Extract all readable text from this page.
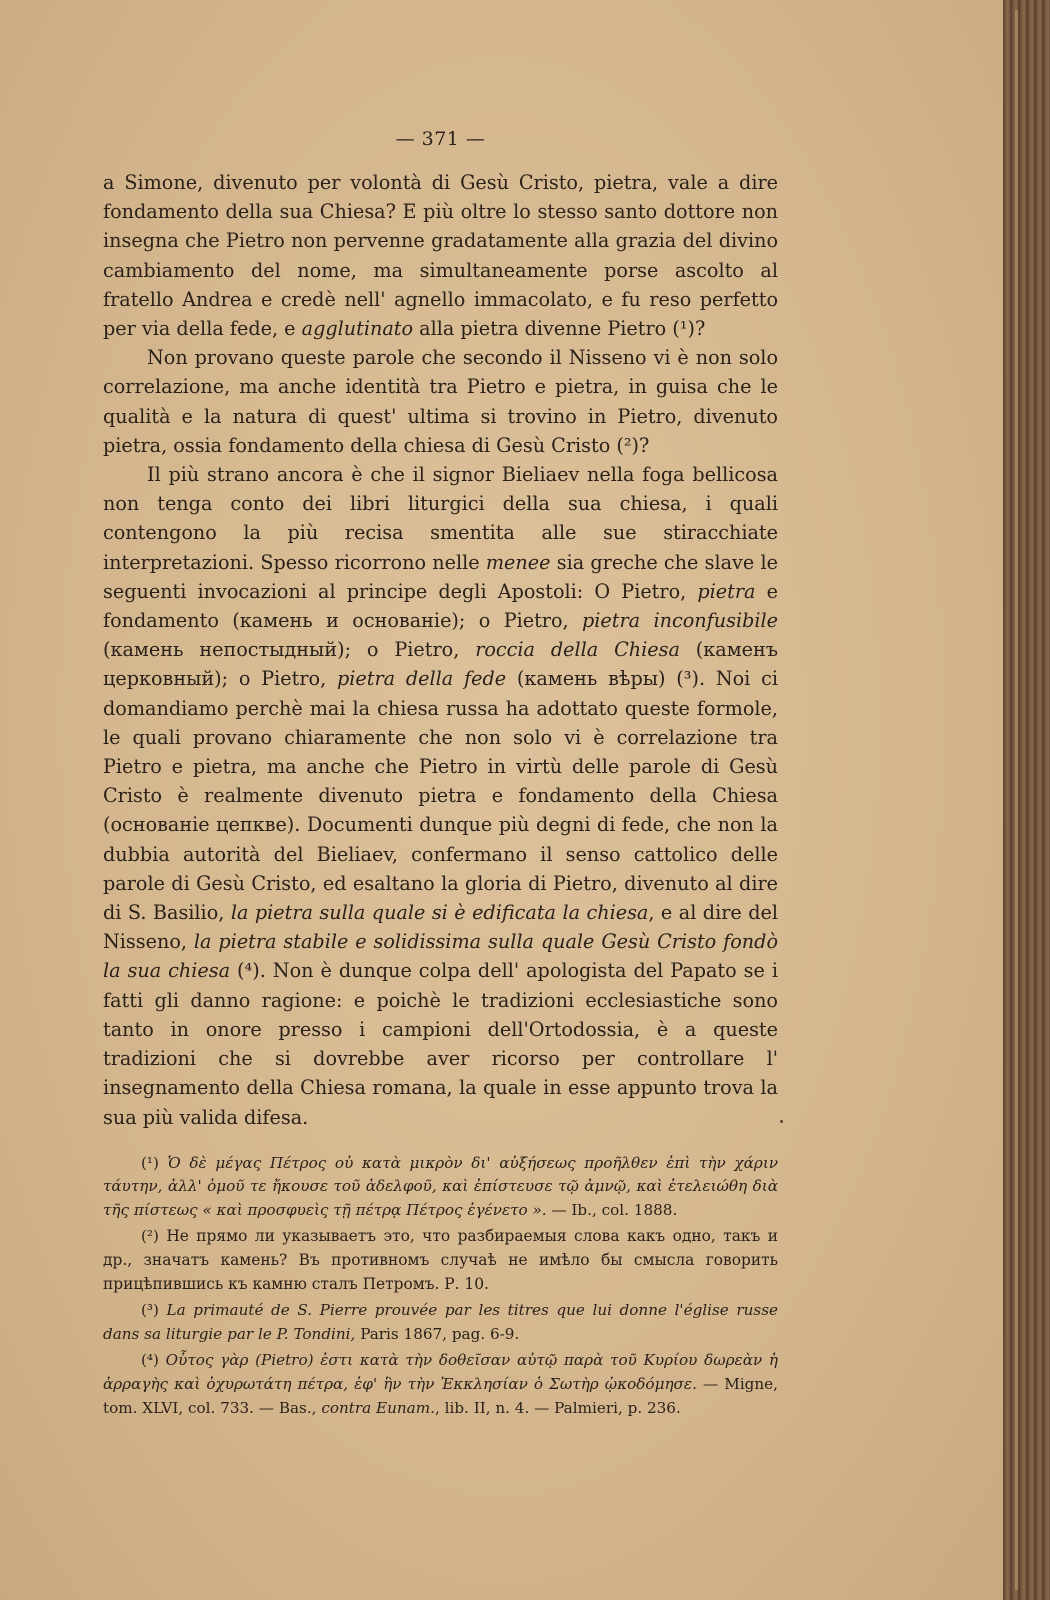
— 371 —

a Simone, divenuto per volontà di Gesù Cristo, pietra, vale a dire fondamento della sua Chiesa? E più oltre lo stesso santo dottore non insegna che Pietro non pervenne gradatamente alla grazia del divino cambiamento del nome, ma simultaneamente porse ascolto al fratello Andrea e credè nell' agnello immacolato, e fu reso perfetto per via della fede, e agglutinato alla pietra divenne Pietro (¹)?

Non provano queste parole che secondo il Nisseno vi è non solo correlazione, ma anche identità tra Pietro e pietra, in guisa che le qualità e la natura di quest' ultima si trovino in Pietro, divenuto pietra, ossia fondamento della chiesa di Gesù Cristo (²)?

Il più strano ancora è che il signor Bieliaev nella foga bellicosa non tenga conto dei libri liturgici della sua chiesa, i quali contengono la più recisa smentita alle sue stiracchiate interpretazioni. Spesso ricorrono nelle menee sia greche che slave le seguenti invocazioni al principe degli Apostoli: O Pietro, pietra e fondamento (камень и основаніе); o Pietro, pietra inconfusibile (камень непостыдный); o Pietro, roccia della Chiesa (каменъ церковный); o Pietro, pietra della fede (камень вѣры) (³). Noi ci domandiamo perchè mai la chiesa russa ha adottato queste formole, le quali provano chiaramente che non solo vi è correlazione tra Pietro e pietra, ma anche che Pietro in virtù delle parole di Gesù Cristo è realmente divenuto pietra e fondamento della Chiesa (основаніе цепкве). Documenti dunque più degni di fede, che non la dubbia autorità del Bieliaev, confermano il senso cattolico delle parole di Gesù Cristo, ed esaltano la gloria di Pietro, divenuto al dire di S. Basilio, la pietra sulla quale si è edificata la chiesa, e al dire del Nisseno, la pietra stabile e solidissima sulla quale Gesù Cristo fondò la sua chiesa (⁴). Non è dunque colpa dell' apologista del Papato se i fatti gli danno ragione: e poichè le tradizioni ecclesiastiche sono tanto in onore presso i campioni dell'Ortodossia, è a queste tradizioni che si dovrebbe aver ricorso per controllare l' insegnamento della Chiesa romana, la quale in esse appunto trova la sua più valida difesa.

(¹) Ὁ δὲ μέγας Πέτρος οὐ κατὰ μικρὸν δι' αὐξήσεως προῆλθεν ἐπὶ τὴν χάριν τάυτην, ἀλλ' ὁμοῦ τε ἤκουσε τοῦ ἀδελφοῦ, καὶ ἐπίστευσε τῷ ἀμνῷ, καὶ ἐτελειώθη διὰ τῆς πίστεως « καὶ προσφυεὶς τῇ πέτρᾳ Πέτρος ἐγένετο ». — Ib., col. 1888.

(²) Не прямо ли указываетъ это, что разбираемыя слова какъ одно, такъ и др., значатъ камень? Въ противномъ случаѣ не имѣло бы смысла говорить прицѣпившись къ камню сталъ Петромъ. Р. 10.

(³) La primauté de S. Pierre prouvée par les titres que lui donne l'église russe dans sa liturgie par le P. Tondini, Paris 1867, pag. 6-9.

(⁴) Οὗτος γὰρ (Pietro) ἐστι κατὰ τὴν δοθεῖσαν αὐτῷ παρὰ τοῦ Κυρίου δωρεὰν ἡ ἀρραγὴς καὶ ὀχυρωτάτη πέτρα, ἐφ' ἣν τὴν Ἐκκλησίαν ὁ Σωτὴρ ᾠκοδόμησε. — Migne, tom. XLVI, col. 733. — Bas., contra Eunam., lib. II, n. 4. — Palmieri, p. 236.
